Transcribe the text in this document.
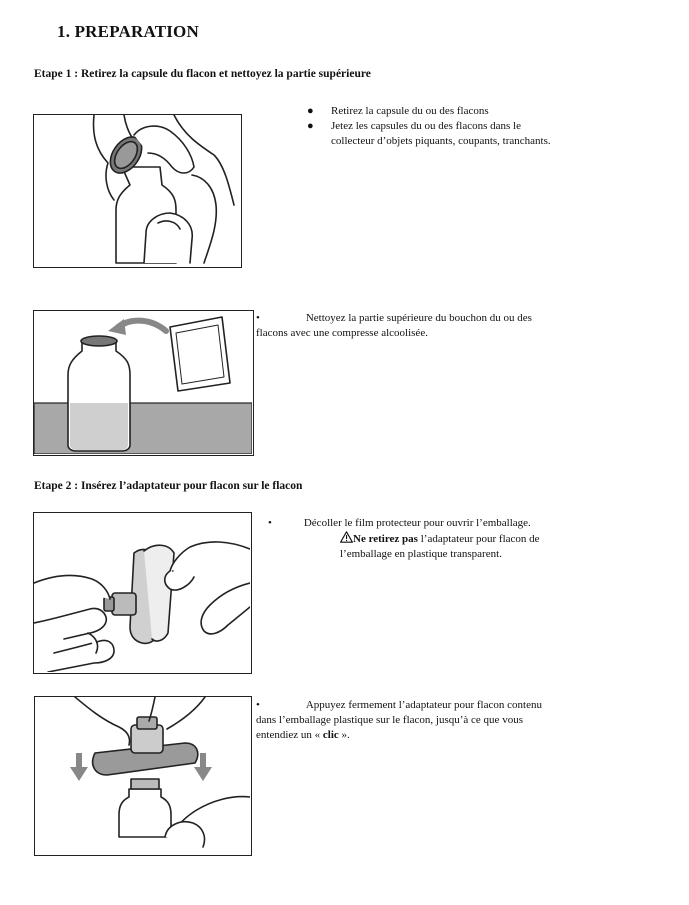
1. PREPARATION
Etape 1 : Retirez la capsule du flacon et nettoyez la partie supérieure
●	Retirez la capsule du ou des flacons
●	Jetez les capsules du ou des flacons dans le
collecteur d’objets piquants, coupants, tranchants.
•	Nettoyez la partie supérieure du bouchon du ou des
flacons avec une compresse alcoolisée.
Etape 2 : Insérez l’adaptateur pour flacon sur le flacon
•	Décoller le film protecteur pour ouvrir l’emballage.
Ne retirez pas l’adaptateur pour flacon de
l’emballage en plastique transparent.
•	Appuyez fermement l’adaptateur pour flacon contenu
dans l’emballage plastique sur le flacon, jusqu’à ce que vous
entendiez un « clic ».
